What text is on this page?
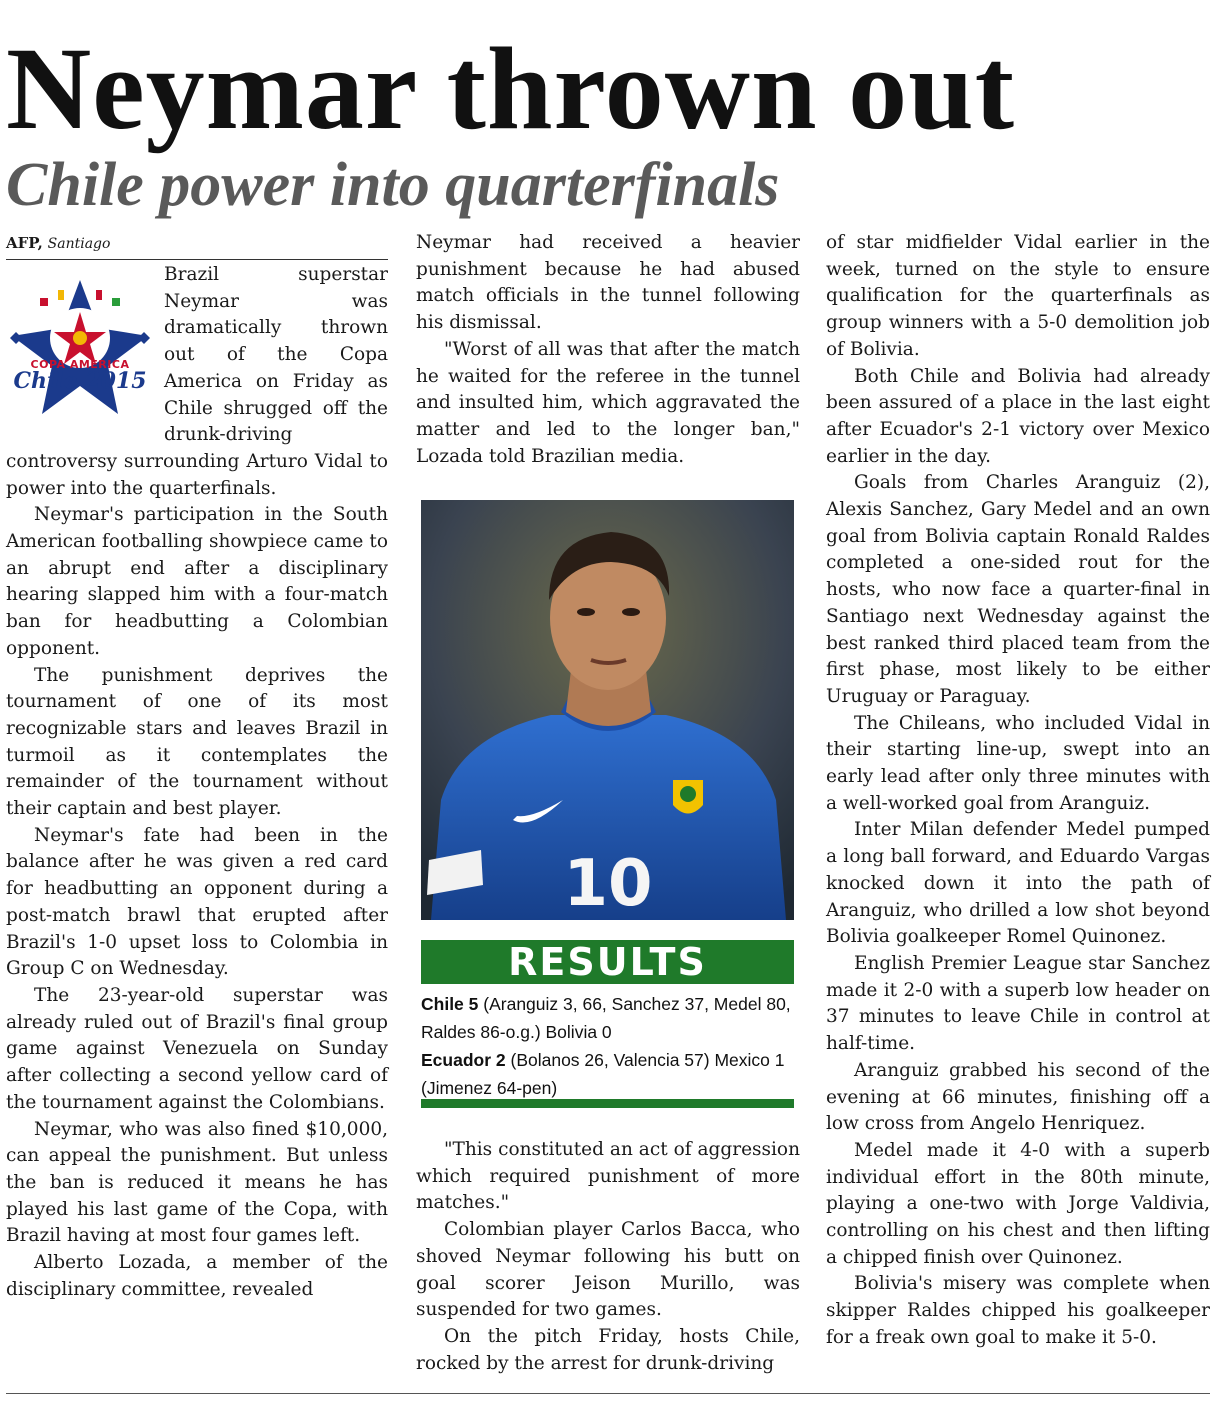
Neymar thrown out
Chile power into quarterfinals
AFP, Santiago
COPA AMERICA
Chile 2015

Brazil superstar Neymar was dramatically thrown out of the Copa America on Friday as Chile shrugged off the drunk-driving controversy surrounding Arturo Vidal to power into the quarterfinals.

Neymar's participation in the South American footballing showpiece came to an abrupt end after a disciplinary hearing slapped him with a four-match ban for headbutting a Colombian opponent.

The punishment deprives the tournament of one of its most recognizable stars and leaves Brazil in turmoil as it contemplates the remainder of the tournament without their captain and best player.

Neymar's fate had been in the balance after he was given a red card for headbutting an opponent during a post-match brawl that erupted after Brazil's 1-0 upset loss to Colombia in Group C on Wednesday.

The 23-year-old superstar was already ruled out of Brazil's final group game against Venezuela on Sunday after collecting a second yellow card of the tournament against the Colombians.

Neymar, who was also fined $10,000, can appeal the punishment. But unless the ban is reduced it means he has played his last game of the Copa, with Brazil having at most four games left.

Alberto Lozada, a member of the disciplinary committee, revealed

Neymar had received a heavier punishment because he had abused match officials in the tunnel following his dismissal.

"Worst of all was that after the match he waited for the referee in the tunnel and insulted him, which aggravated the matter and led to the longer ban," Lozada told Brazilian media.

10
RESULTS

Chile 5 (Aranguiz 3, 66, Sanchez 37, Medel 80, Raldes 86-o.g.) Bolivia 0

Ecuador 2 (Bolanos 26, Valencia 57) Mexico 1 (Jimenez 64-pen)

"This constituted an act of aggression which required punishment of more matches."

Colombian player Carlos Bacca, who shoved Neymar following his butt on goal scorer Jeison Murillo, was suspended for two games.

On the pitch Friday, hosts Chile, rocked by the arrest for drunk-driving

of star midfielder Vidal earlier in the week, turned on the style to ensure qualification for the quarterfinals as group winners with a 5-0 demolition job of Bolivia.

Both Chile and Bolivia had already been assured of a place in the last eight after Ecuador's 2-1 victory over Mexico earlier in the day.

Goals from Charles Aranguiz (2), Alexis Sanchez, Gary Medel and an own goal from Bolivia captain Ronald Raldes completed a one-sided rout for the hosts, who now face a quarter-final in Santiago next Wednesday against the best ranked third placed team from the first phase, most likely to be either Uruguay or Paraguay.

The Chileans, who included Vidal in their starting line-up, swept into an early lead after only three minutes with a well-worked goal from Aranguiz.

Inter Milan defender Medel pumped a long ball forward, and Eduardo Vargas knocked down it into the path of Aranguiz, who drilled a low shot beyond Bolivia goalkeeper Romel Quinonez.

English Premier League star Sanchez made it 2-0 with a superb low header on 37 minutes to leave Chile in control at half-time.

Aranguiz grabbed his second of the evening at 66 minutes, finishing off a low cross from Angelo Henriquez.

Medel made it 4-0 with a superb individual effort in the 80th minute, playing a one-two with Jorge Valdivia, controlling on his chest and then lifting a chipped finish over Quinonez.

Bolivia's misery was complete when skipper Raldes chipped his goalkeeper for a freak own goal to make it 5-0.
